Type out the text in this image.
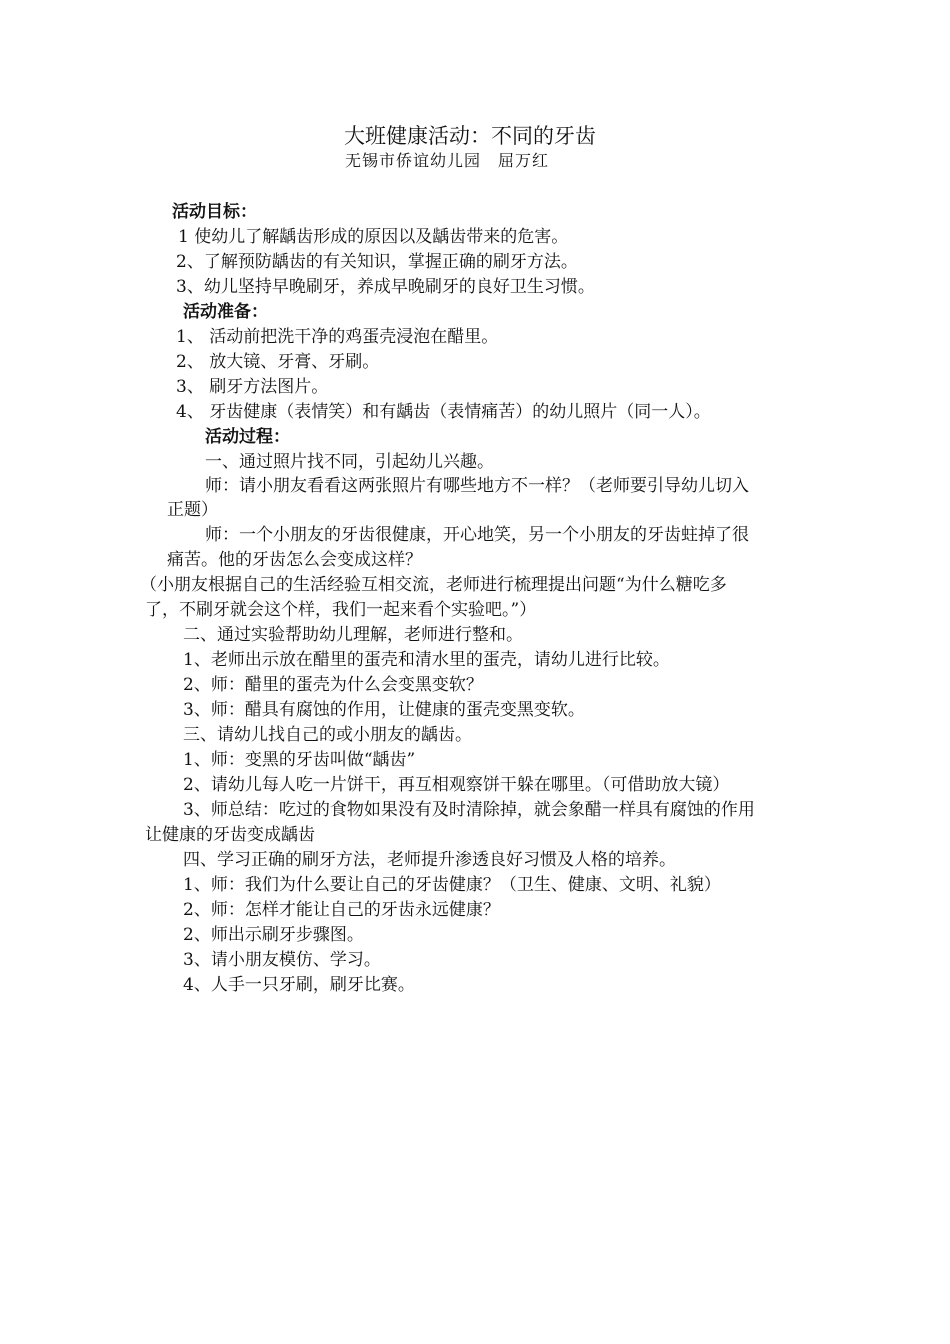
大班健康活动：不同的牙齿
无锡市侨谊幼儿园　屈万红
活动目标：
1 使幼儿了解龋齿形成的原因以及龋齿带来的危害。
2、了解预防龋齿的有关知识，掌握正确的刷牙方法。
3、幼儿坚持早晚刷牙，养成早晚刷牙的良好卫生习惯。
活动准备：
1、 活动前把洗干净的鸡蛋壳浸泡在醋里。
2、 放大镜、牙膏、牙刷。
3、 刷牙方法图片。
4、 牙齿健康（表情笑）和有龋齿（表情痛苦）的幼儿照片（同一人）。
活动过程：
一、通过照片找不同，引起幼儿兴趣。
师：请小朋友看看这两张照片有哪些地方不一样？（老师要引导幼儿切入
正题）
师：一个小朋友的牙齿很健康，开心地笑，另一个小朋友的牙齿蛀掉了很
痛苦。他的牙齿怎么会变成这样？
（小朋友根据自己的生活经验互相交流，老师进行梳理提出问题“为什么糖吃多
了，不刷牙就会这个样，我们一起来看个实验吧。”）
二、通过实验帮助幼儿理解，老师进行整和。
1、老师出示放在醋里的蛋壳和清水里的蛋壳，请幼儿进行比较。
2、师：醋里的蛋壳为什么会变黑变软？
3、师：醋具有腐蚀的作用，让健康的蛋壳变黑变软。
三、请幼儿找自己的或小朋友的龋齿。
1、师：变黑的牙齿叫做“龋齿”
2、请幼儿每人吃一片饼干，再互相观察饼干躲在哪里。（可借助放大镜）
3、师总结：吃过的食物如果没有及时清除掉，就会象醋一样具有腐蚀的作用
让健康的牙齿变成龋齿
四、学习正确的刷牙方法，老师提升渗透良好习惯及人格的培养。
1、师：我们为什么要让自己的牙齿健康？（卫生、健康、文明、礼貌）
2、师：怎样才能让自己的牙齿永远健康？
2、师出示刷牙步骤图。
3、请小朋友模仿、学习。
4、人手一只牙刷，刷牙比赛。
